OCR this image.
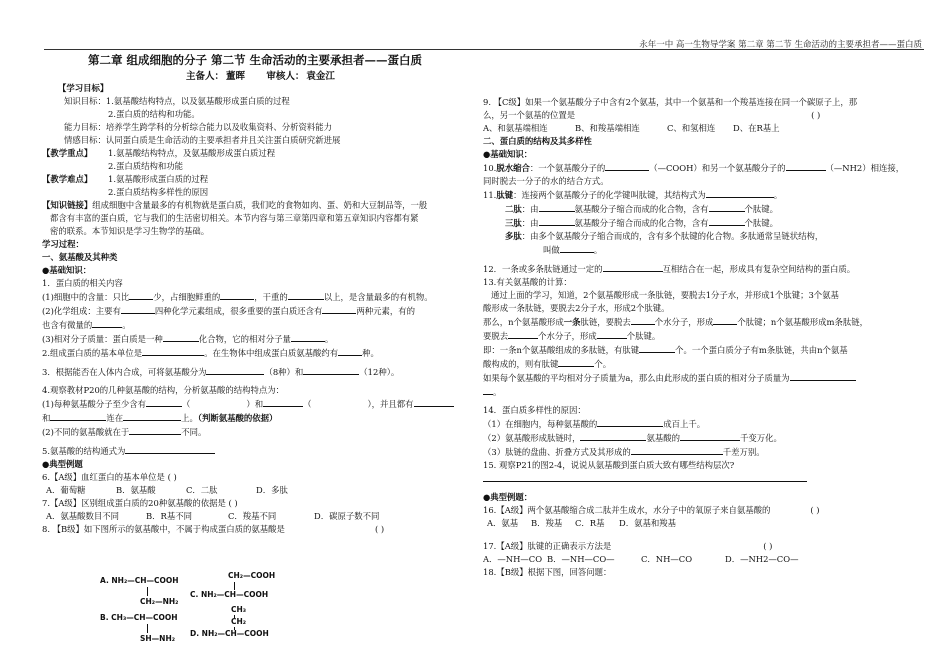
永年一中 高一生物导学案 第二章 第二节 生命活动的主要承担者——蛋白质
第二章 组成细胞的分子 第二节 生命活动的主要承担者——蛋白质
主备人： 董晖 审核人： 袁金江
【学习目标】
知识目标：1.氨基酸结构特点，以及氨基酸形成蛋白质的过程
2.蛋白质的结构和功能。
能力目标：培养学生跨学科的分析综合能力以及收集资料、分析资料能力
情感目标：认同蛋白质是生命活动的主要承担者并且关注蛋白质研究新进展
【教学重点】 1.氨基酸结构特点，及氨基酸形成蛋白质过程
2.蛋白质结构和功能
【教学难点】 1.氨基酸形成蛋白质的过程
2.蛋白质结构多样性的原因
【知识链接】组成细胞中含量最多的有机物就是蛋白质，我们吃的食物如肉、蛋、奶和大豆制品等，一般
都含有丰富的蛋白质，它与我们的生活密切相关。本节内容与第三章第四章和第五章知识内容都有紧
密的联系。本节知识是学习生物学的基础。
学习过程：
一、氨基酸及其种类
●基础知识：
1．蛋白质的相关内容
(1)细胞中的含量：只比	少，占细胞鲜重的	，干重的	以上，是含量最多的有机物。
(2)化学组成：主要有	四种化学元素组成，很多重要的蛋白质还含有	两种元素，有的
也含有微量的	。
(3)相对分子质量：蛋白质是一种	化合物，它的相对分子量	。
2.组成蛋白质的基本单位是	。在生物体中组成蛋白质氨基酸约有	种。
3．根据能否在人体内合成，可将氨基酸分为	（8种）和	（12种）。
4.观察教材P20的几种氨基酸的结构，分析氨基酸的结构特点为：
(1)每种氨基酸分子至少含有	（	）和	（	），并且都有
和	连在	上。（判断氨基酸的依据）
(2)不同的氨基酸就在于	不同。
5.氨基酸的结构通式为
●典型例题
6.【A级】血红蛋白的基本单位是 ( )
A．葡萄糖	B．氨基酸	C．二肽	D．多肽
7.【A级】区别组成蛋白质的20种氨基酸的依据是 ( )
A．氨基酸数目不同	B．R基不同	C．羧基不同	D．碳原子数不同
8. 【B级】如下图所示的氨基酸中，不属于构成蛋白质的氨基酸是	( )
A. NH₂—CH—COOH
CH₂—NH₂
B. CH₃—CH—COOH
SH—NH₂
CH₂—COOH
C. NH₂—CH—COOH
CH₃
CH₂
D. NH₂—CH—COOH
9. 【C级】如果一个氨基酸分子中含有2个氨基，其中一个氨基和一个羧基连接在同一个碳原子上，那
么，另一个氨基的位置是	( )
A、和氨基端相连	B、和羧基端相连	C、和氢相连	D、在R基上
二、蛋白质的结构及其多样性
●基础知识：
10.脱水缩合：一个氨基酸分子的	（—COOH）和另一个氨基酸分子的	（—NH2）相连接，
同时脱去一分子的水的结合方式。
11.肽键：连接两个氨基酸分子的化学键叫肽键，其结构式为	。
二肽：由	氨基酸分子缩合而成的化合物，含有	个肽键。
三肽：由	氨基酸分子缩合而成的化合物，含有	个肽键。
多肽：由多个氨基酸分子缩合而成的，含有多个肽键的化合物。多肽通常呈链状结构，
叫做	。
12．一条或多条肽链通过一定的	互相结合在一起，形成具有复杂空间结构的蛋白质。
13.有关氨基酸的计算：
通过上面的学习，知道，2个氨基酸形成一条肽链，要脱去1分子水，并形成1个肽键；3个氨基
酸形成一条肽链，要脱去2分子水，形成2个肽键。
那么，n个氨基酸形成一条肽链，要脱去	个水分子，形成	个肽键；n个氨基酸形成m条肽链，
要脱去	个水分子，形成	个肽键。
即：一条n个氨基酸组成的多肽链，有肽键	个。一个蛋白质分子有m条肽链，共由n个氨基
酸构成的，则有肽键	个。
如果每个氨基酸的平均相对分子质量为a，那么由此形成的蛋白质的相对分子质量为
。
14．蛋白质多样性的原因：
（1）在细胞内，每种氨基酸的	成百上千。
（2）氨基酸形成肽链时，	氨基酸的	千变万化。
（3）肽链的盘曲、折叠方式及其形成的	千差万别。
15. 观察P21的图2-4，说说从氨基酸到蛋白质大致有哪些结构层次?
●典型例题：
16.【A级】两个氨基酸缩合成二肽并生成水，水分子中的氧原子来自氨基酸的	( )
A．氨基	B．羧基	C．R基	D．氨基和羧基
17.【A级】肽键的正确表示方法是	( )
A．—NH—CO B．—NH—CO—	C．NH—CO	D．—NH2—CO—
18.【B级】根据下图，回答问题：
